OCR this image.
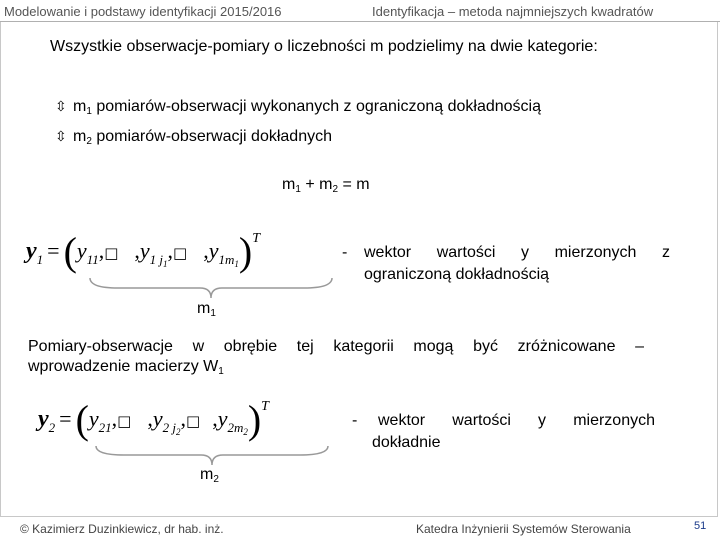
Modelowanie i podstawy identyfikacji 2015/2016	Identyfikacja – metoda najmniejszych kwadratów
Wszystkie obserwacje-pomiary o liczebności m podzielimy na dwie kategorie:
⇳ $m_1$ pomiarów-obserwacji wykonanych z ograniczoną dokładnością
⇳ $m_2$ pomiarów-obserwacji dokładnych
$m_1 + m_2 = m$
$y_1$ = ($y_{11},□$ $,y_{1 j1},□$ $,y_{1m1})T$
$m_1$
- wektor wartości y mierzonych z
ograniczoną dokładnością
Pomiary-obserwacje w obrębie tej kategorii mogą być zróżnicowane –
wprowadzenie macierzy $W_1$
$y_2$ = ($y_{21},□$ $,y_{2 j2},□$ $,y_{2m2})T$
$m_2$
- wektor wartości y mierzonych
dokładnie
© Kazimierz Duzinkiewicz, dr hab. inż.	Katedra Inżynierii Systemów Sterowania	51
